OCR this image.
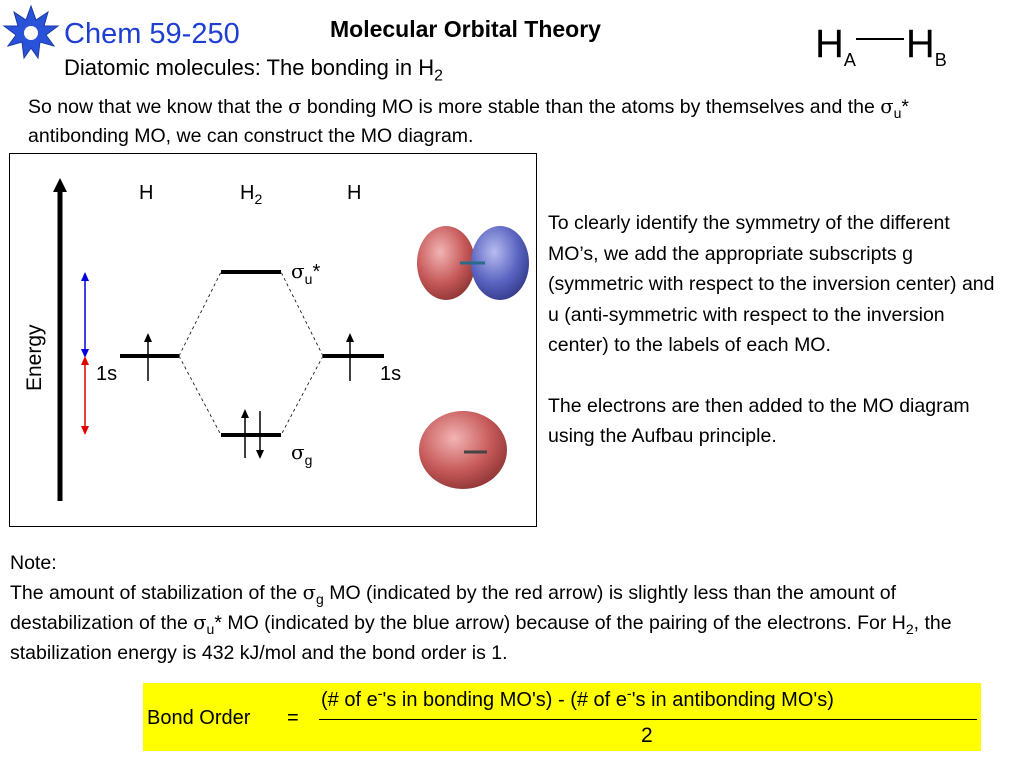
Chem 59-250	Molecular Orbital Theory
Diatomic molecules: The bonding in $H_2$
$H_A$ $H_B$
So now that we know that the σ bonding MO is more stable than the atoms by themselves and the $\sigma_u*$ antibonding MO, we can construct the MO diagram.
Energy
H	$H_2$	H
1s	1s
$\sigma_u*$
$\sigma_g$

To clearly identify the symmetry of the different MO’s, we add the appropriate subscripts g (symmetric with respect to the inversion center) and u (anti-symmetric with respect to the inversion center) to the labels of each MO.

The electrons are then added to the MO diagram using the Aufbau principle.

Note:
The amount of stabilization of the $\sigma_g$ MO (indicated by the red arrow) is slightly less than the amount of destabilization of the $\sigma_u*$ MO (indicated by the blue arrow) because of the pairing of the electrons. For $H_2$, the stabilization energy is 432 kJ/mol and the bond order is 1.
Bond Order =
(# of e-'s in bonding MO's) - (# of e-'s in antibonding MO's)
2
